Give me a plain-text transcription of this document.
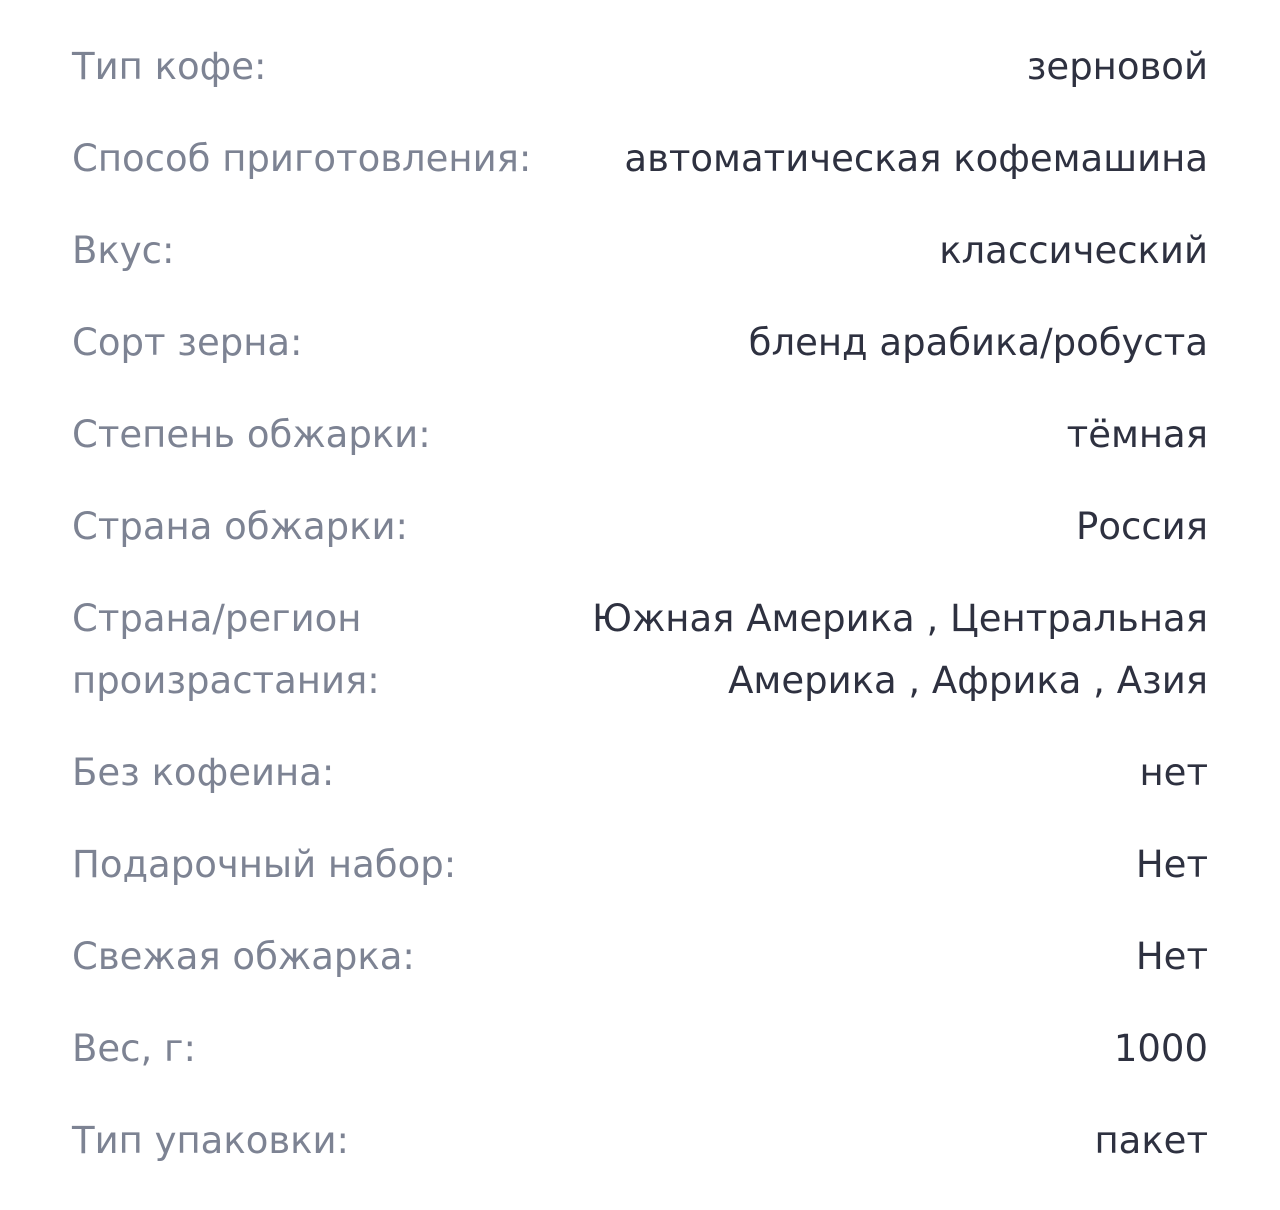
Тип кофе:	зерновой
Способ приготовления:	автоматическая кофемашина
Вкус:	классический
Сорт зерна:	бленд арабика/робуста
Степень обжарки:	тёмная
Страна обжарки:	Россия
Страна/регион произрастания:
Южная Америка , Центральная Америка , Африка , Азия
Без кофеина:	нет
Подарочный набор:	Нет
Свежая обжарка:	Нет
Вес, г:	1000
Тип упаковки:	пакет
